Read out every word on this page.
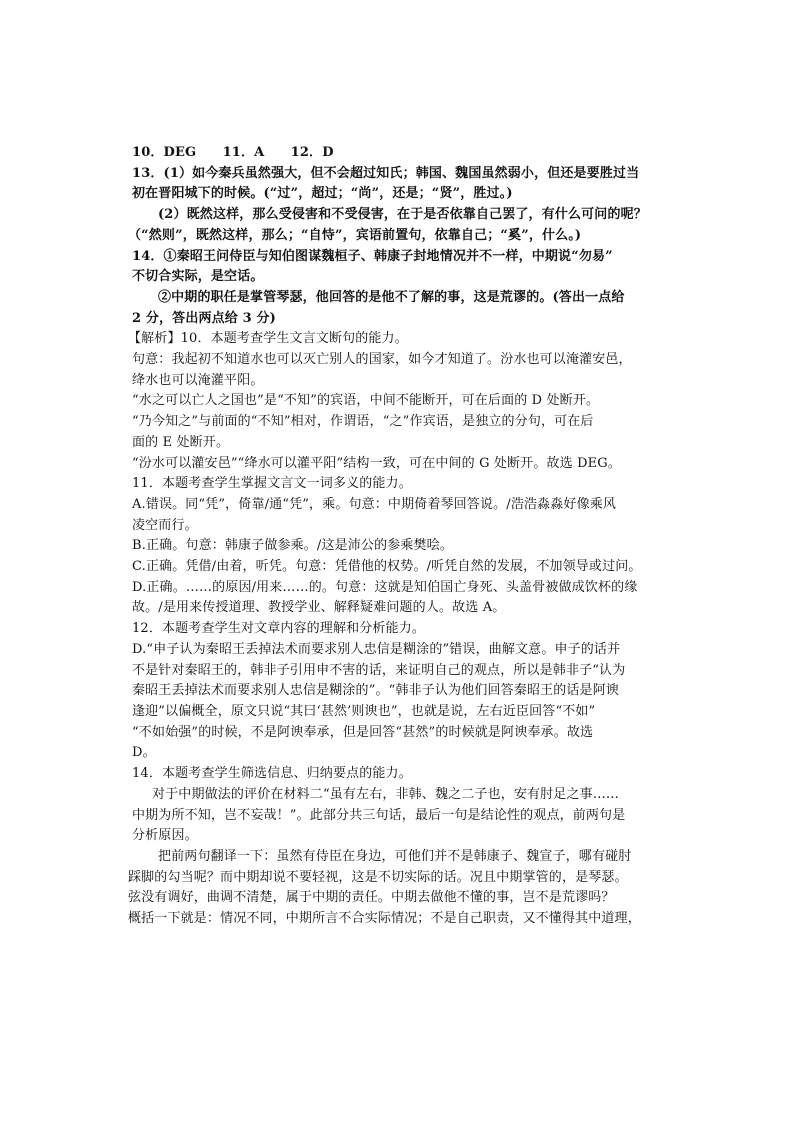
10．DEG　　11．A　　12．D
13．(1）如今秦兵虽然强大，但不会超过知氏；韩国、魏国虽然弱小，但还是要胜过当
初在晋阳城下的时候。(“过”，超过；“尚”，还是；“贤”，胜过。)
(2）既然这样，那么受侵害和不受侵害，在于是否依靠自己罢了，有什么可问的呢？
（“然则”，既然这样，那么；“自恃”，宾语前置句，依靠自己；“奚”，什么。)
14．①秦昭王问侍臣与知伯图谋魏桓子、韩康子封地情况并不一样，中期说“勿易”
不切合实际，是空话。
②中期的职任是掌管琴瑟，他回答的是他不了解的事，这是荒谬的。(答出一点给
2 分，答出两点给 3 分)
【解析】10．本题考查学生文言文断句的能力。
句意：我起初不知道水也可以灭亡别人的国家，如今才知道了。汾水也可以淹灌安邑，
绛水也可以淹灌平阳。
“水之可以亡人之国也”是“不知”的宾语，中间不能断开，可在后面的 D 处断开。
“乃今知之”与前面的“不知”相对，作谓语，“之”作宾语，是独立的分句，可在后
面的 E 处断开。
“汾水可以灌安邑”“绛水可以灌平阳”结构一致，可在中间的 G 处断开。故选 DEG。
11．本题考查学生掌握文言文一词多义的能力。
A.错误。同“凭”，倚靠/通“凭”，乘。句意：中期倚着琴回答说。/浩浩淼淼好像乘风
凌空而行。
B.正确。句意：韩康子做参乘。/这是沛公的参乘樊哙。
C.正确。凭借/由着，听凭。句意：凭借他的权势。/听凭自然的发展，不加领导或过问。
D.正确。……的原因/用来……的。句意：这就是知伯国亡身死、头盖骨被做成饮杯的缘
故。/是用来传授道理、教授学业、解释疑难问题的人。故选 A。
12．本题考查学生对文章内容的理解和分析能力。
D.“申子认为秦昭王丢掉法术而要求别人忠信是糊涂的”错误，曲解文意。申子的话并
不是针对秦昭王的，韩非子引用申不害的话，来证明自己的观点，所以是韩非子“认为
秦昭王丢掉法术而要求别人忠信是糊涂的”。“韩非子认为他们回答秦昭王的话是阿谀
逢迎”以偏概全，原文只说“其曰‘甚然’则谀也”，也就是说，左右近臣回答“不如”
“不如始强”的时候，不是阿谀奉承，但是回答“甚然”的时候就是阿谀奉承。故选
D。
14．本题考查学生筛选信息、归纳要点的能力。
对于中期做法的评价在材料二“虽有左右，非韩、魏之二子也，安有肘足之事……
中期为所不知，岂不妄哉！”。此部分共三句话，最后一句是结论性的观点，前两句是
分析原因。
把前两句翻译一下：虽然有侍臣在身边，可他们并不是韩康子、魏宣子，哪有碰肘
踩脚的勾当呢？而中期却说不要轻视，这是不切实际的话。况且中期掌管的，是琴瑟。
弦没有调好，曲调不清楚，属于中期的责任。中期去做他不懂的事，岂不是荒谬吗？
概括一下就是：情况不同，中期所言不合实际情况；不是自己职责，又不懂得其中道理，
